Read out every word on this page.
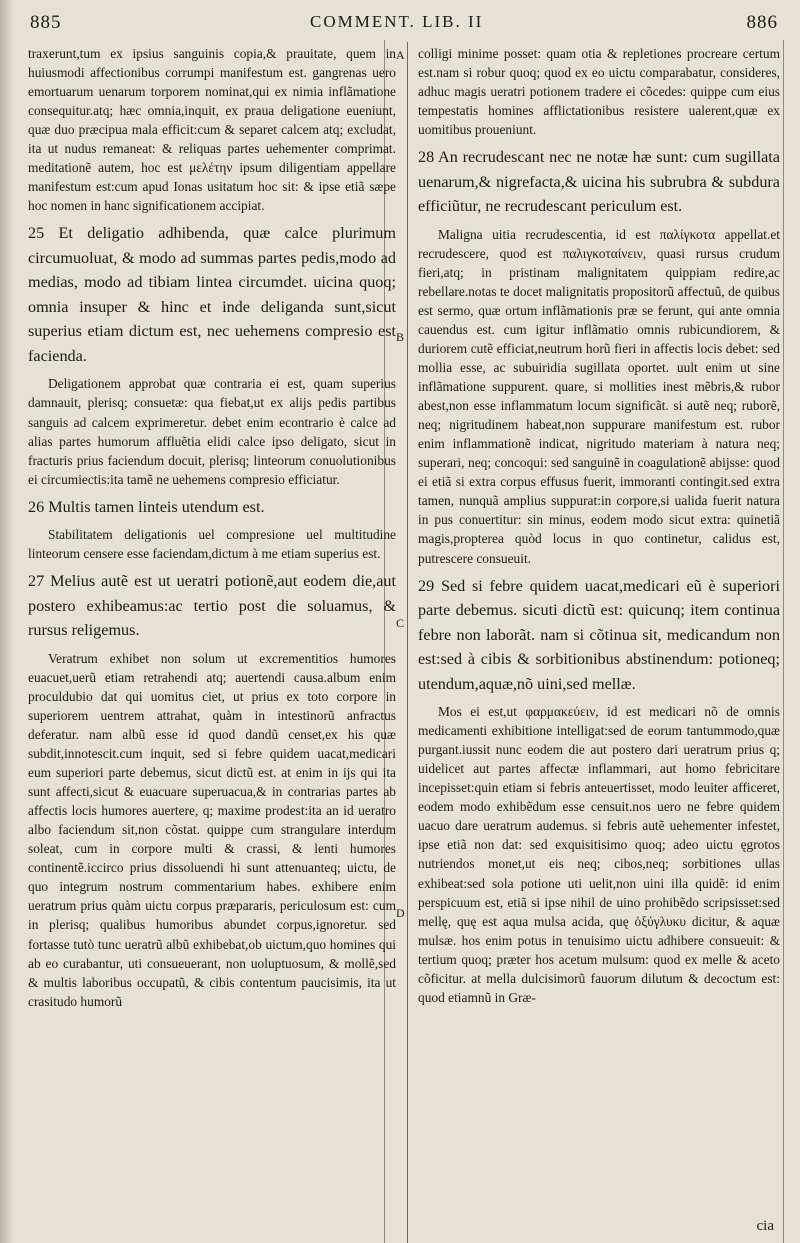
885	COMMENT. LIB. II	886
A
B
C
D

traxerunt,tum ex ipsius sanguinis copia,& prauitate, quem in huiusmodi affectionibus corrumpi manifestum est. gangrenas uero emortuarum uenarum torporem nominat,qui ex nimia inflãmatione consequitur.atq; hæc omnia,inquit, ex praua deligatione eueniunt, quæ duo præcipua mala efficit:cum & separet calcem atq; excludat, ita ut nudus remaneat: & reliquas partes uehementer comprimat. meditationẽ autem, hoc est μελέτην ipsum diligentiam appellare manifestum est:cum apud Ionas usitatum hoc sit: & ipse etiã sæpe hoc nomen in hanc significationem accipiat.

25 Et deligatio adhibenda, quæ calce plurimum circumuoluat, & modo ad summas partes pedis,modo ad medias, modo ad tibiam lintea circumdet. uicina quoq; omnia insuper & hinc et inde deliganda sunt,sicut superius etiam dictum est, nec uehemens compresio est facienda.

Deligationem approbat quæ contraria ei est, quam superius damnauit, plerisq; consuetæ: qua fiebat,ut ex alijs pedis partibus sanguis ad calcem exprimeretur. debet enim econtrario è calce ad alias partes humorum affluẽtia elidi calce ipso deligato, sicut in fracturis prius faciendum docuit, plerisq; linteorum conuolutionibus ei circumiectis:ita tamẽ ne uehemens compresio efficiatur.

26 Multis tamen linteis utendum est.

Stabilitatem deligationis uel compresione uel multitudine linteorum censere esse faciendam,dictum à me etiam superius est.

27 Melius autẽ est ut ueratri potionẽ,aut eodem die,aut postero exhibeamus:ac tertio post die soluamus, & rursus religemus.

Veratrum exhibet non solum ut excrementitios humores euacuet,uerũ etiam retrahendi atq; auertendi causa.album enim proculdubio dat qui uomitus ciet, ut prius ex toto corpore in superiorem uentrem attrahat, quàm in intestinorũ anfractus deferatur. nam albũ esse id quod dandũ censet,ex his quæ subdit,innotescit.cum inquit, sed si febre quidem uacat,medicari eum superiori parte debemus, sicut dictũ est. at enim in ijs qui ita sunt affecti,sicut & euacuare superuacua,& in contrarias partes ab affectis locis humores auertere, q; maxime prodest:ita an id ueratro albo faciendum sit,non cõstat. quippe cum strangulare interdum soleat, cum in corpore multi & crassi, & lenti humores continentẽ.iccirco prius dissoluendi hi sunt attenuanteq; uictu, de quo integrum nostrum commentarium habes. exhibere enim ueratrum prius quàm uictu corpus præpararis, periculosum est: cum in plerisq; qualibus humoribus abundet corpus,ignoretur. sed fortasse tutò tunc ueratrũ albũ exhibebat,ob uictum,quo homines qui ab eo curabantur, uti consueuerant, non uoluptuosum, & mollẽ,sed & multis laboribus occupatũ, & cibis contentum paucisimis, ita ut crasitudo humorũ

colligi minime posset: quam otia & repletiones procreare certum est.nam si robur quoq; quod ex eo uictu comparabatur, consideres, adhuc magis ueratri potionem tradere ei cõcedes: quippe cum eius tempestatis homines afflictationibus resistere ualerent,quæ ex uomitibus proueniunt.

28 An recrudescant nec ne notæ hæ sunt: cum sugillata uenarum,& nigrefacta,& uicina his subrubra & subdura efficiũtur, ne recrudescant periculum est.

Maligna uitia recrudescentia, id est παλίγκοτα appellat.et recrudescere, quod est παλιγκοταίνειν, quasi rursus crudum fieri,atq; in pristinam malignitatem quippiam redire,ac rebellare.notas te docet malignitatis propositorũ affectuũ, de quibus est sermo, quæ ortum inflãmationis præ se ferunt, qui ante omnia cauendus est. cum igitur inflãmatio omnis rubicundiorem, & duriorem cutẽ efficiat,neutrum horũ fieri in affectis locis debet: sed mollia esse, ac subuiridia sugillata oportet. uult enim ut sine inflãmatione suppurent. quare, si mollities inest mẽbris,& rubor abest,non esse inflammatum locum significãt. si autẽ neq; ruborẽ, neq; nigritudinem habeat,non suppurare manifestum est. rubor enim inflammationẽ indicat, nigritudo materiam à natura neq; superari, neq; concoqui: sed sanguinẽ in coagulationẽ abijsse: quod ei etiã si extra corpus effusus fuerit, immoranti contingit.sed extra tamen, nunquã amplius suppurat:in corpore,si ualida fuerit natura in pus conuertitur: sin minus, eodem modo sicut extra: quinetiã magis,propterea quòd locus in quo continetur, calidus est, putrescere consueuit.

29 Sed si febre quidem uacat,medicari eũ è superiori parte debemus. sicuti dictũ est: quicunq; item continua febre non laborãt. nam si cõtinua sit, medicandum non est:sed à cibis & sorbitionibus abstinendum: potioneq; utendum,aquæ,nõ uini,sed mellæ.

Mos ei est,ut φαρμακεύειν, id est medicari nõ de omnis medicamenti exhibitione intelligat:sed de eorum tantummodo,quæ purgant.iussit nunc eodem die aut postero dari ueratrum prius q; uidelicet aut partes affectæ inflammari, aut homo febricitare incepisset:quin etiam si febris anteuertisset, modo leuiter afficeret, eodem modo exhibẽdum esse censuit.nos uero ne febre quidem uacuo dare ueratrum audemus. si febris autẽ uehementer infestet, ipse etiã non dat: sed exquisitisimo quoq; adeo uictu ęgrotos nutriendos monet,ut eis neq; cibos,neq; sorbitiones ullas exhibeat:sed sola potione uti uelit,non uini illa quidẽ: id enim perspicuum est, etiã si ipse nihil de uino prohibẽdo scripsisset:sed mellę, quę est aqua mulsa acida, quę ὀξύγλυκυ dicitur, & aquæ mulsæ. hos enim potus in tenuisimo uictu adhibere consueuit: & tertium quoq; præter hos acetum mulsum: quod ex melle & aceto cõficitur. at mella dulcisimorũ fauorum dilutum & decoctum est: quod etiamnũ in Græ-

cia
